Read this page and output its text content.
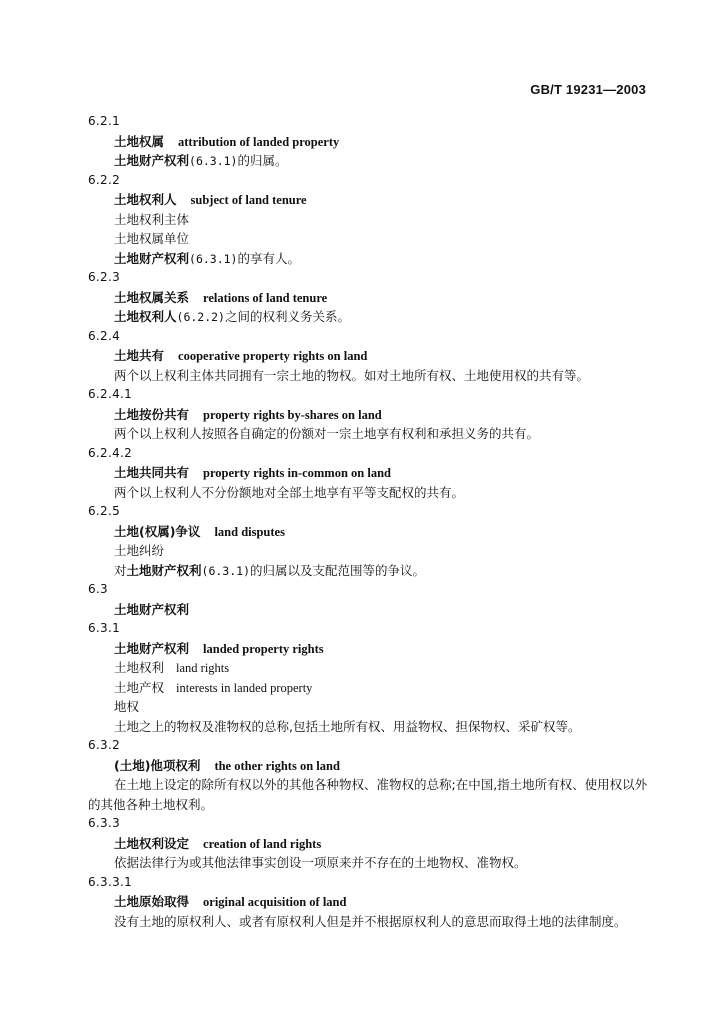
GB/T 19231—2003
6.2.1
土地权属 attribution of landed property
土地财产权利(6.3.1)的归属。
6.2.2
土地权利人 subject of land tenure
土地权利主体
土地权属单位
土地财产权利(6.3.1)的享有人。
6.2.3
土地权属关系 relations of land tenure
土地权利人(6.2.2)之间的权利义务关系。
6.2.4
土地共有 cooperative property rights on land
两个以上权利主体共同拥有一宗土地的物权。如对土地所有权、土地使用权的共有等。
6.2.4.1
土地按份共有 property rights by-shares on land
两个以上权利人按照各自确定的份额对一宗土地享有权利和承担义务的共有。
6.2.4.2
土地共同共有 property rights in-common on land
两个以上权利人不分份额地对全部土地享有平等支配权的共有。
6.2.5
土地(权属)争议 land disputes
土地纠纷
对土地财产权利(6.3.1)的归属以及支配范围等的争议。
6.3
土地财产权利
6.3.1
土地财产权利 landed property rights
土地权利 land rights
土地产权 interests in landed property
地权
土地之上的物权及准物权的总称,包括土地所有权、用益物权、担保物权、采矿权等。
6.3.2
(土地)他项权利 the other rights on land
在土地上设定的除所有权以外的其他各种物权、准物权的总称;在中国,指土地所有权、使用权以外
的其他各种土地权利。
6.3.3
土地权利设定 creation of land rights
依据法律行为或其他法律事实创设一项原来并不存在的土地物权、准物权。
6.3.3.1
土地原始取得 original acquisition of land
没有土地的原权利人、或者有原权利人但是并不根据原权利人的意思而取得土地的法律制度。
